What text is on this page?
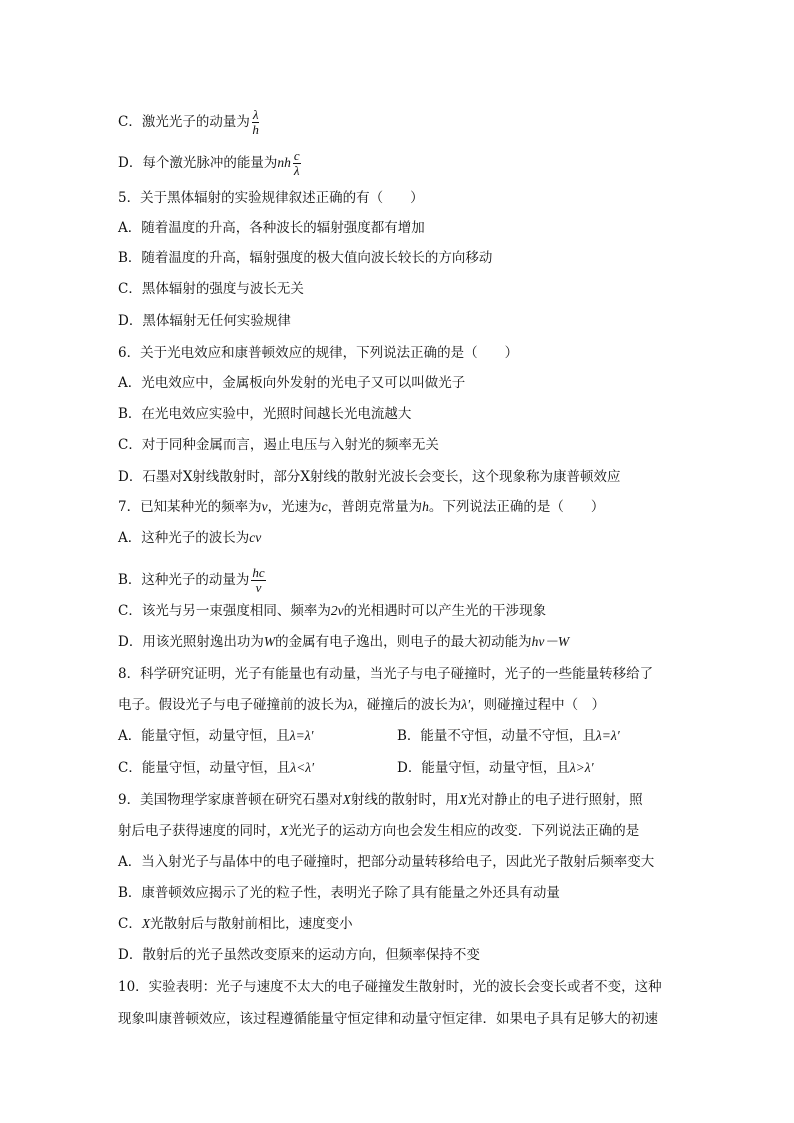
C．激光光子的动量为 $\frac{\lambda}{h}$
D．每个激光脉冲的能量为nh $\frac{c}{\lambda}$
5．关于黑体辐射的实验规律叙述正确的有（　　）
A．随着温度的升高，各种波长的辐射强度都有增加
B．随着温度的升高，辐射强度的极大值向波长较长的方向移动
C．黑体辐射的强度与波长无关
D．黑体辐射无任何实验规律
6．关于光电效应和康普顿效应的规律，下列说法正确的是（　　）
A．光电效应中，金属板向外发射的光电子又可以叫做光子
B．在光电效应实验中，光照时间越长光电流越大
C．对于同种金属而言，遏止电压与入射光的频率无关
D．石墨对X射线散射时，部分X射线的散射光波长会变长，这个现象称为康普顿效应
7．已知某种光的频率为ν，光速为c，普朗克常量为h。下列说法正确的是（　　）
A．这种光子的波长为cν
B．这种光子的动量为 $\frac{hc}{\nu}$
C．该光与另一束强度相同、频率为2ν的光相遇时可以产生光的干涉现象
D．用该光照射逸出功为W的金属有电子逸出，则电子的最大初动能为hν－W
8．科学研究证明，光子有能量也有动量，当光子与电子碰撞时，光子的一些能量转移给了
电子。假设光子与电子碰撞前的波长为λ，碰撞后的波长为λ′，则碰撞过程中（　）
A．能量守恒，动量守恒，且λ=λ′	B．能量不守恒，动量不守恒，且λ=λ′
C．能量守恒，动量守恒，且λ<λ′	D．能量守恒，动量守恒，且λ>λ′
9．美国物理学家康普顿在研究石墨对X射线的散射时，用X光对静止的电子进行照射，照
射后电子获得速度的同时，X光光子的运动方向也会发生相应的改变．下列说法正确的是
A．当入射光子与晶体中的电子碰撞时，把部分动量转移给电子，因此光子散射后频率变大
B．康普顿效应揭示了光的粒子性，表明光子除了具有能量之外还具有动量
C．X光散射后与散射前相比，速度变小
D．散射后的光子虽然改变原来的运动方向，但频率保持不变
10．实验表明：光子与速度不太大的电子碰撞发生散射时，光的波长会变长或者不变，这种
现象叫康普顿效应，该过程遵循能量守恒定律和动量守恒定律．如果电子具有足够大的初速
